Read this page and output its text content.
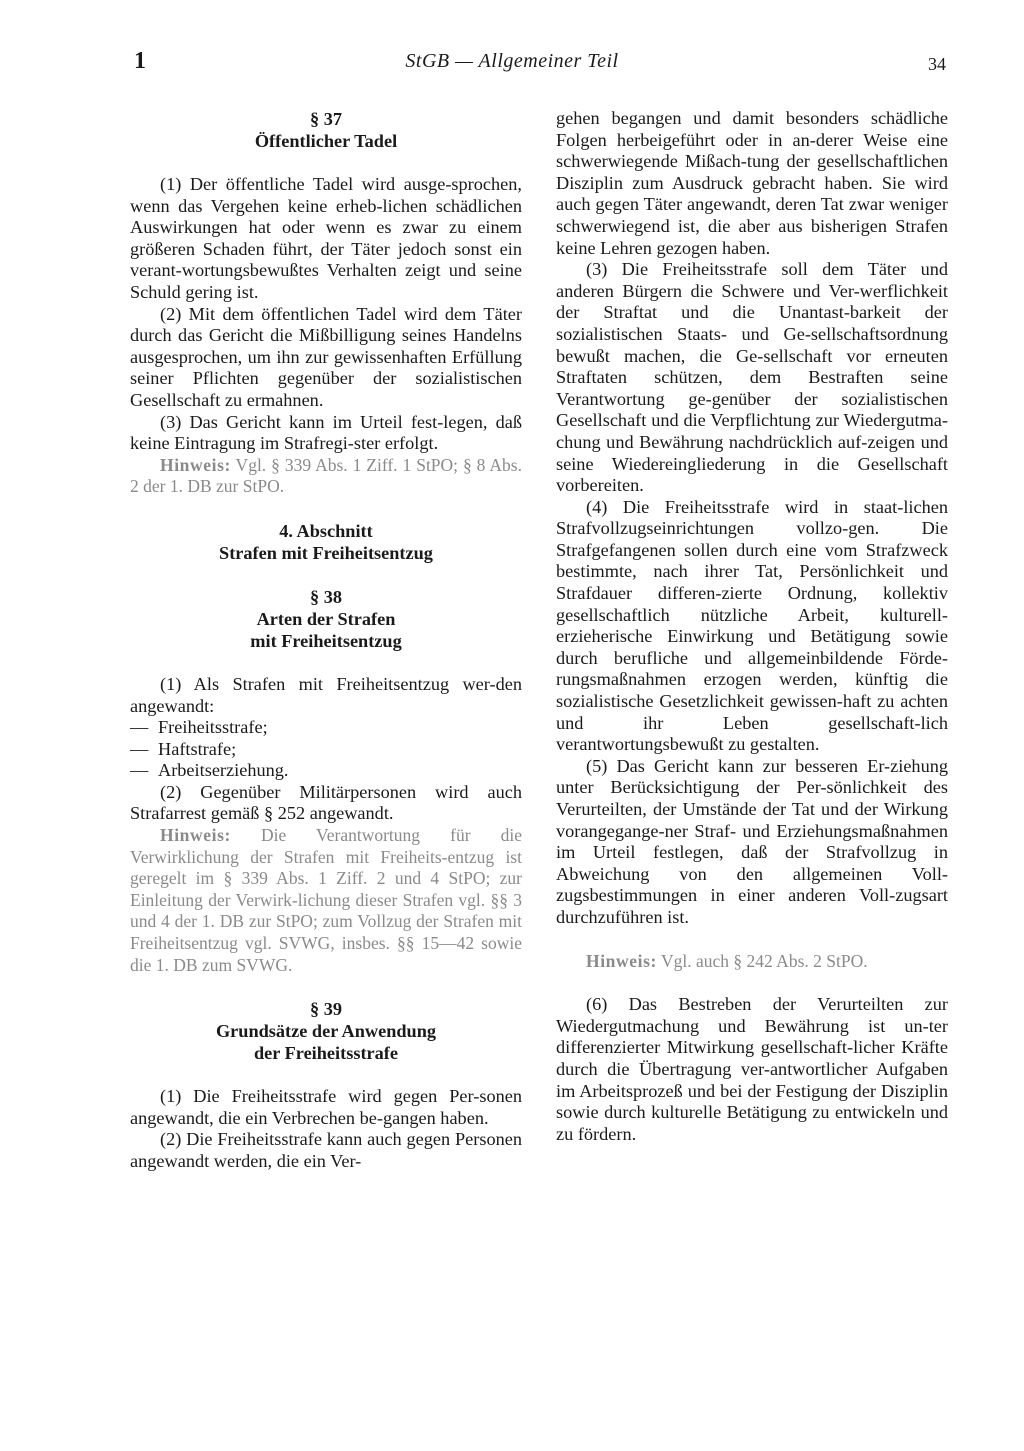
1	StGB — Allgemeiner Teil	34
§ 37
Öffentlicher Tadel

(1) Der öffentliche Tadel wird ausge-sprochen, wenn das Vergehen keine erheb-lichen schädlichen Auswirkungen hat oder wenn es zwar zu einem größeren Schaden führt, der Täter jedoch sonst ein verant-wortungsbewußtes Verhalten zeigt und seine Schuld gering ist.

(2) Mit dem öffentlichen Tadel wird dem Täter durch das Gericht die Mißbilligung seines Handelns ausgesprochen, um ihn zur gewissenhaften Erfüllung seiner Pflichten gegenüber der sozialistischen Gesellschaft zu ermahnen.

(3) Das Gericht kann im Urteil fest-legen, daß keine Eintragung im Strafregi-ster erfolgt.

Hinweis: Vgl. § 339 Abs. 1 Ziff. 1 StPO; § 8 Abs. 2 der 1. DB zur StPO.

4. Abschnitt
Strafen mit Freiheitsentzug
§ 38
Arten der Strafen
mit Freiheitsentzug

(1) Als Strafen mit Freiheitsentzug wer-den angewandt:

— Freiheitsstrafe;

— Haftstrafe;

— Arbeitserziehung.

(2) Gegenüber Militärpersonen wird auch Strafarrest gemäß § 252 angewandt.

Hinweis: Die Verantwortung für die Verwirklichung der Strafen mit Freiheits-entzug ist geregelt im § 339 Abs. 1 Ziff. 2 und 4 StPO; zur Einleitung der Verwirk-lichung dieser Strafen vgl. §§ 3 und 4 der 1. DB zur StPO; zum Vollzug der Strafen mit Freiheitsentzug vgl. SVWG, insbes. §§ 15—42 sowie die 1. DB zum SVWG.

§ 39
Grundsätze der Anwendung
der Freiheitsstrafe

(1) Die Freiheitsstrafe wird gegen Per-sonen angewandt, die ein Verbrechen be-gangen haben.

(2) Die Freiheitsstrafe kann auch gegen Personen angewandt werden, die ein Ver-

gehen begangen und damit besonders schädliche Folgen herbeigeführt oder in an-derer Weise eine schwerwiegende Mißach-tung der gesellschaftlichen Disziplin zum Ausdruck gebracht haben. Sie wird auch gegen Täter angewandt, deren Tat zwar weniger schwerwiegend ist, die aber aus bisherigen Strafen keine Lehren gezogen haben.

(3) Die Freiheitsstrafe soll dem Täter und anderen Bürgern die Schwere und Ver-werflichkeit der Straftat und die Unantast-barkeit der sozialistischen Staats- und Ge-sellschaftsordnung bewußt machen, die Ge-sellschaft vor erneuten Straftaten schützen, dem Bestraften seine Verantwortung ge-genüber der sozialistischen Gesellschaft und die Verpflichtung zur Wiedergutma-chung und Bewährung nachdrücklich auf-zeigen und seine Wiedereingliederung in die Gesellschaft vorbereiten.

(4) Die Freiheitsstrafe wird in staat-lichen Strafvollzugseinrichtungen vollzo-gen. Die Strafgefangenen sollen durch eine vom Strafzweck bestimmte, nach ihrer Tat, Persönlichkeit und Strafdauer differen-zierte Ordnung, kollektiv gesellschaftlich nützliche Arbeit, kulturell-erzieherische Einwirkung und Betätigung sowie durch berufliche und allgemeinbildende Förde-rungsmaßnahmen erzogen werden, künftig die sozialistische Gesetzlichkeit gewissen-haft zu achten und ihr Leben gesellschaft-lich verantwortungsbewußt zu gestalten.

(5) Das Gericht kann zur besseren Er-ziehung unter Berücksichtigung der Per-sönlichkeit des Verurteilten, der Umstände der Tat und der Wirkung vorangegange-ner Straf- und Erziehungsmaßnahmen im Urteil festlegen, daß der Strafvollzug in Abweichung von den allgemeinen Voll-zugsbestimmungen in einer anderen Voll-zugsart durchzuführen ist.

Hinweis: Vgl. auch § 242 Abs. 2 StPO.

(6) Das Bestreben der Verurteilten zur Wiedergutmachung und Bewährung ist un-ter differenzierter Mitwirkung gesellschaft-licher Kräfte durch die Übertragung ver-antwortlicher Aufgaben im Arbeitsprozeß und bei der Festigung der Disziplin sowie durch kulturelle Betätigung zu entwickeln und zu fördern.
